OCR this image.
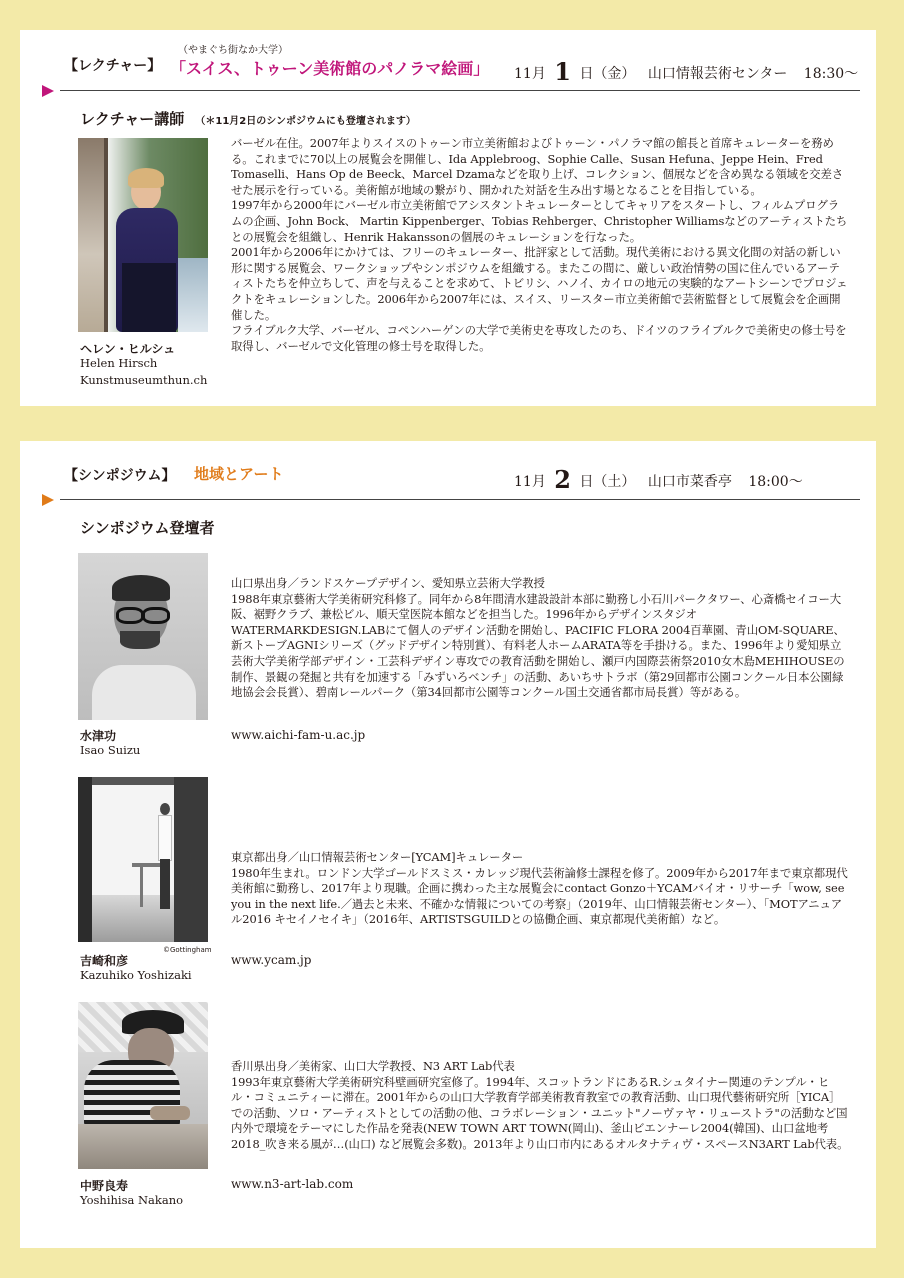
【レクチャー】
（やまぐち街なか大学）
「スイス、トゥーン美術館のパノラマ絵画」 11月 1 日（金） 山口情報芸術センター 18:30〜
レクチャー講師 （＊11月2日のシンポジウムにも登壇されます）
ヘレン・ヒルシュ
Helen Hirsch
Kunstmuseumthun.ch

バーゼル在住。2007年よりスイスのトゥーン市立美術館およびトゥーン・パノラマ館の館長と首席キュレーターを務める。これまでに70以上の展覧会を開催し、Ida Applebroog、Sophie Calle、Susan Hefuna、Jeppe Hein、Fred Tomaselli、Hans Op de Beeck、Marcel Dzamaなどを取り上げ、コレクション、個展などを含め異なる領域を交差させた展示を行っている。美術館が地域の繋がり、開かれた対話を生み出す場となることを目指している。

1997年から2000年にバーゼル市立美術館でアシスタントキュレーターとしてキャリアをスタートし、フィルムプログラムの企画、John Bock、 Martin Kippenberger、Tobias Rehberger、Christopher Williamsなどのアーティストたちとの展覧会を組織し、Henrik Hakanssonの個展のキュレーションを行なった。

2001年から2006年にかけては、フリーのキュレーター、批評家として活動。現代美術における異文化間の対話の新しい形に関する展覧会、ワークショップやシンポジウムを組織する。またこの間に、厳しい政治情勢の国に住んでいるアーティストたちを仲立ちして、声を与えることを求めて、トビリシ、ハノイ、カイロの地元の実験的なアートシーンでプロジェクトをキュレーションした。2006年から2007年には、スイス、リースター市立美術館で芸術監督として展覧会を企画開催した。

フライブルク大学、バーゼル、コペンハーゲンの大学で美術史を専攻したのち、ドイツのフライブルクで美術史の修士号を取得し、バーゼルで文化管理の修士号を取得した。

【シンポジウム】 地域とアート	11月 2 日（土） 山口市菜香亭 18:00〜
シンポジウム登壇者
水津功
Isao Suizu
山口県出身／ランドスケープデザイン、愛知県立芸術大学教授
1988年東京藝術大学美術研究科修了。同年から8年間清水建設設計本部に勤務し小石川パークタワー、心斎橋セイコー大阪、裾野クラブ、兼松ビル、順天堂医院本館などを担当した。1996年からデザインスタジオWATERMARKDESIGN.LABにて個人のデザイン活動を開始し、PACIFIC FLORA 2004百華園、青山OM-SQUARE、新ストーブAGNIシリーズ（グッドデザイン特別賞）、有料老人ホームARATA等を手掛ける。また、1996年より愛知県立芸術大学美術学部デザイン・工芸科デザイン専攻での教育活動を開始し、瀬戸内国際芸術祭2010女木島MEHIHOUSEの制作、景観の発掘と共有を加速する「みずいろベンチ」の活動、あいちサトラボ（第29回都市公園コンクール日本公園緑地協会会長賞）、碧南レールパーク（第34回都市公園等コンクール国土交通省都市局長賞）等がある。
www.aichi-fam-u.ac.jp
©Gottingham
吉崎和彦
Kazuhiko Yoshizaki
東京都出身／山口情報芸術センター[YCAM]キュレーター
1980年生まれ。ロンドン大学ゴールドスミス・カレッジ現代芸術論修士課程を修了。2009年から2017年まで東京都現代美術館に勤務し、2017年より現職。企画に携わった主な展覧会にcontact Gonzo＋YCAMバイオ・リサーチ「wow, see you in the next life.／過去と未来、不確かな情報についての考察」（2019年、山口情報芸術センター）、「MOTアニュアル2016 キセイノセイキ」（2016年、ARTISTSGUILDとの協働企画、東京都現代美術館）など。
www.ycam.jp
中野良寿
Yoshihisa Nakano
香川県出身／美術家、山口大学教授、N3 ART Lab代表
1993年東京藝術大学美術研究科壁画研究室修了。1994年、スコットランドにあるR.シュタイナー関連のテンプル・ヒル・コミュニティーに滞在。2001年からの山口大学教育学部美術教育教室での教育活動、山口現代藝術研究所［YICA］での活動、ソロ・アーティストとしての活動の他、コラボレーション・ユニット"ノーヴァヤ・リューストラ"の活動など国内外で環境をテーマにした作品を発表(NEW TOWN ART TOWN(岡山)、釜山ビエンナーレ2004(韓国)、山口盆地考2018_吹き来る風が…(山口) など展覧会多数)。2013年より山口市内にあるオルタナティヴ・スペースN3ART Lab代表。
www.n3-art-lab.com
